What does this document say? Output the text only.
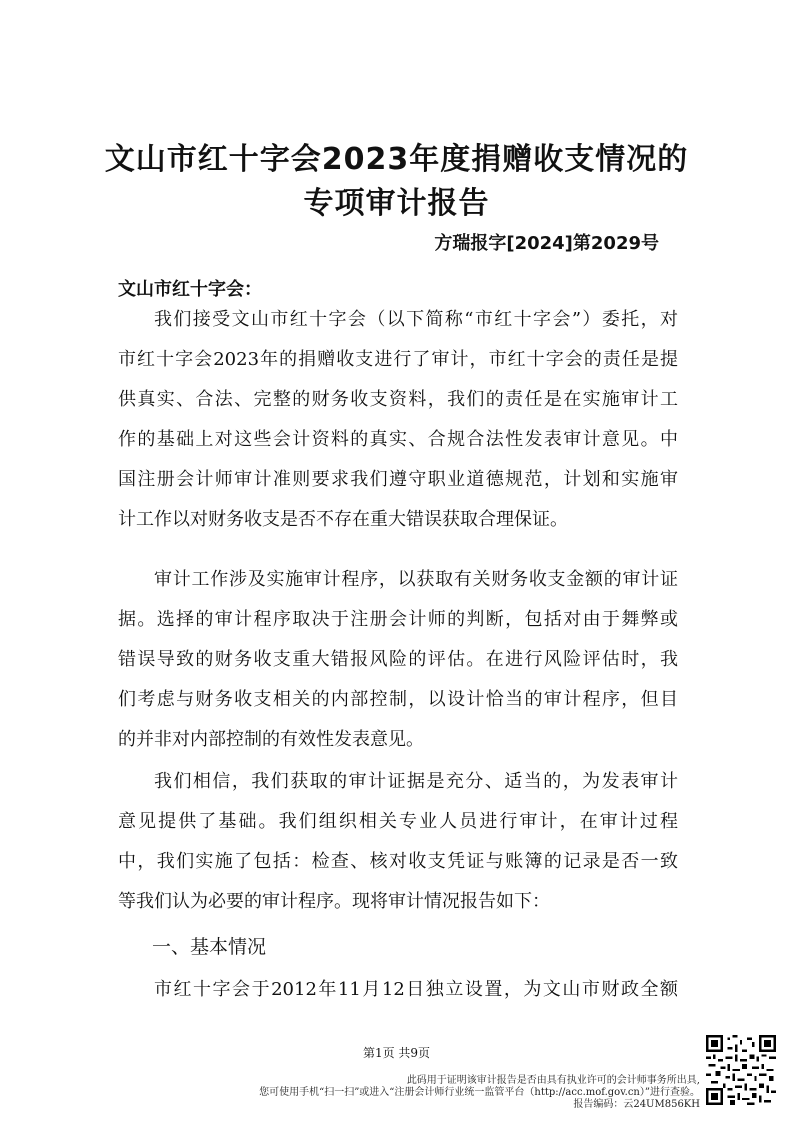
文山市红十字会2023年度捐赠收支情况的
专项审计报告
方瑞报字[2024]第2029号
文山市红十字会：
我们接受文山市红十字会（以下简称“市红十字会”）委托，对
市红十字会2023年的捐赠收支进行了审计，市红十字会的责任是提
供真实、合法、完整的财务收支资料，我们的责任是在实施审计工
作的基础上对这些会计资料的真实、合规合法性发表审计意见。中
国注册会计师审计准则要求我们遵守职业道德规范，计划和实施审
计工作以对财务收支是否不存在重大错误获取合理保证。
审计工作涉及实施审计程序，以获取有关财务收支金额的审计证
据。选择的审计程序取决于注册会计师的判断，包括对由于舞弊或
错误导致的财务收支重大错报风险的评估。在进行风险评估时，我
们考虑与财务收支相关的内部控制，以设计恰当的审计程序，但目
的并非对内部控制的有效性发表意见。
我们相信，我们获取的审计证据是充分、适当的，为发表审计
意见提供了基础。我们组织相关专业人员进行审计，在审计过程
中，我们实施了包括：检查、核对收支凭证与账簿的记录是否一致
等我们认为必要的审计程序。现将审计情况报告如下：
一、基本情况
市红十字会于2012年11月12日独立设置，为文山市财政全额
第1页 共9页
此码用于证明该审计报告是否由具有执业许可的会计师事务所出具,
您可使用手机“扫一扫”或进入“注册会计师行业统一监管平台（http://acc.mof.gov.cn）”进行查验。
报告编码：云24UM856KH
